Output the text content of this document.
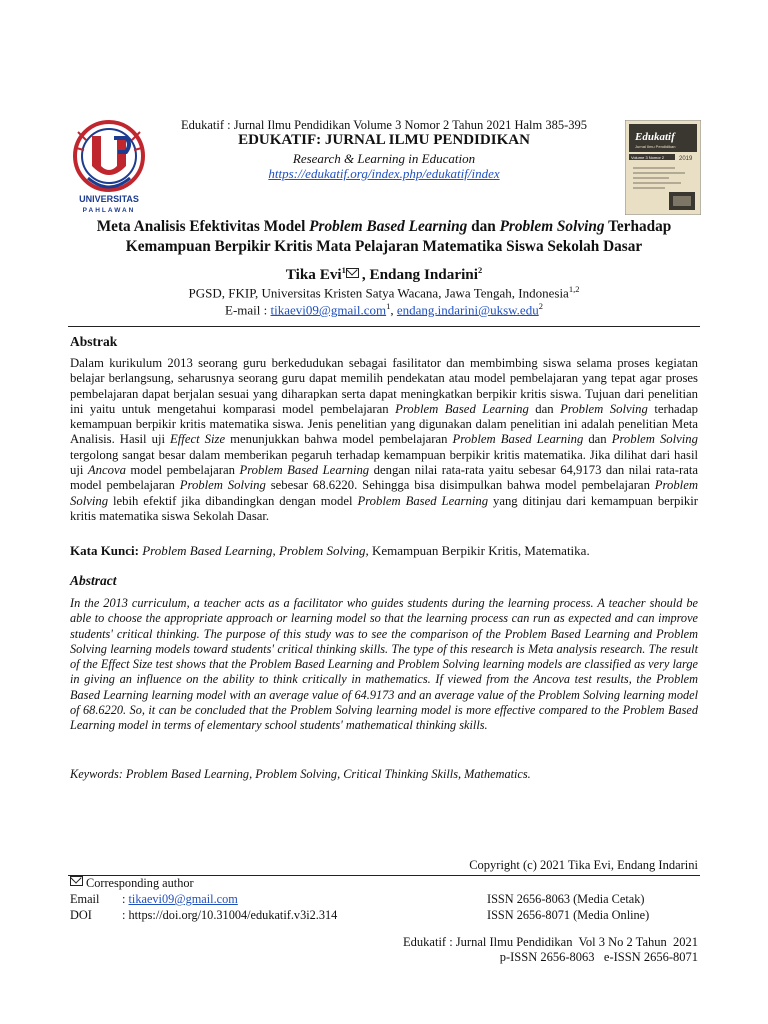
UNIVERSITAS
PAHLAWAN
Edukatif : Jurnal Ilmu Pendidikan Volume 3 Nomor 2 Tahun 2021 Halm 385-395
EDUKATIF: JURNAL ILMU PENDIDIKAN
Research & Learning in Education
https://edukatif.org/index.php/edukatif/index
Edukatif
Jurnal Ilmu Pendidikan
Volume 3 Nomor 2 2019
Meta Analisis Efektivitas Model Problem Based Learning dan Problem Solving Terhadap
Kemampuan Berpikir Kritis Mata Pelajaran Matematika Siswa Sekolah Dasar
Tika Evi$^1$ , Endang Indarini$^2$
PGSD, FKIP, Universitas Kristen Satya Wacana, Jawa Tengah, Indonesia$^{1,2}$
E-mail : tikaevi09@gmail.com$^1$, endang.indarini@uksw.edu$^2$
Abstrak
Dalam kurikulum 2013 seorang guru berkedudukan sebagai fasilitator dan membimbing siswa selama proses kegiatan belajar berlangsung, seharusnya seorang guru dapat memilih pendekatan atau model pembelajaran yang tepat agar proses pembelajaran dapat berjalan sesuai yang diharapkan serta dapat meningkatkan berpikir kritis siswa. Tujuan dari penelitian ini yaitu untuk mengetahui komparasi model pembelajaran Problem Based Learning dan Problem Solving terhadap kemampuan berpikir kritis matematika siswa. Jenis penelitian yang digunakan dalam penelitian ini adalah penelitian Meta Analisis. Hasil uji Effect Size menunjukkan bahwa model pembelajaran Problem Based Learning dan Problem Solving tergolong sangat besar dalam memberikan pegaruh terhadap kemampuan berpikir kritis matematika. Jika dilihat dari hasil uji Ancova model pembelajaran Problem Based Learning dengan nilai rata-rata yaitu sebesar 64,9173 dan nilai rata-rata model pembelajaran Problem Solving sebesar 68.6220. Sehingga bisa disimpulkan bahwa model pembelajaran Problem Solving lebih efektif jika dibandingkan dengan model Problem Based Learning yang ditinjau dari kemampuan berpikir kritis matematika siswa Sekolah Dasar.
Kata Kunci: Problem Based Learning, Problem Solving, Kemampuan Berpikir Kritis, Matematika.
Abstract
In the 2013 curriculum, a teacher acts as a facilitator who guides students during the learning process. A teacher should be able to choose the appropriate approach or learning model so that the learning process can run as expected and can improve students' critical thinking. The purpose of this study was to see the comparison of the Problem Based Learning and Problem Solving learning models toward students' critical thinking skills. The type of this research is Meta analysis research. The result of the Effect Size test shows that the Problem Based Learning and Problem Solving learning models are classified as very large in giving an influence on the ability to think critically in mathematics. If viewed from the Ancova test results, the Problem Based Learning learning model with an average value of 64.9173 and an average value of the Problem Solving learning model of 68.6220. So, it can be concluded that the Problem Solving learning model is more effective compared to the Problem Based Learning model in terms of elementary school students' mathematical thinking skills.
Keywords: Problem Based Learning, Problem Solving, Critical Thinking Skills, Mathematics.
Copyright (c) 2021 Tika Evi, Endang Indarini
Corresponding author
Email : tikaevi09@gmail.com
DOI : https://doi.org/10.31004/edukatif.v3i2.314
ISSN 2656-8063 (Media Cetak)
ISSN 2656-8071 (Media Online)
Edukatif : Jurnal Ilmu Pendidikan  Vol 3 No 2 Tahun  2021
p-ISSN 2656-8063   e-ISSN 2656-8071
